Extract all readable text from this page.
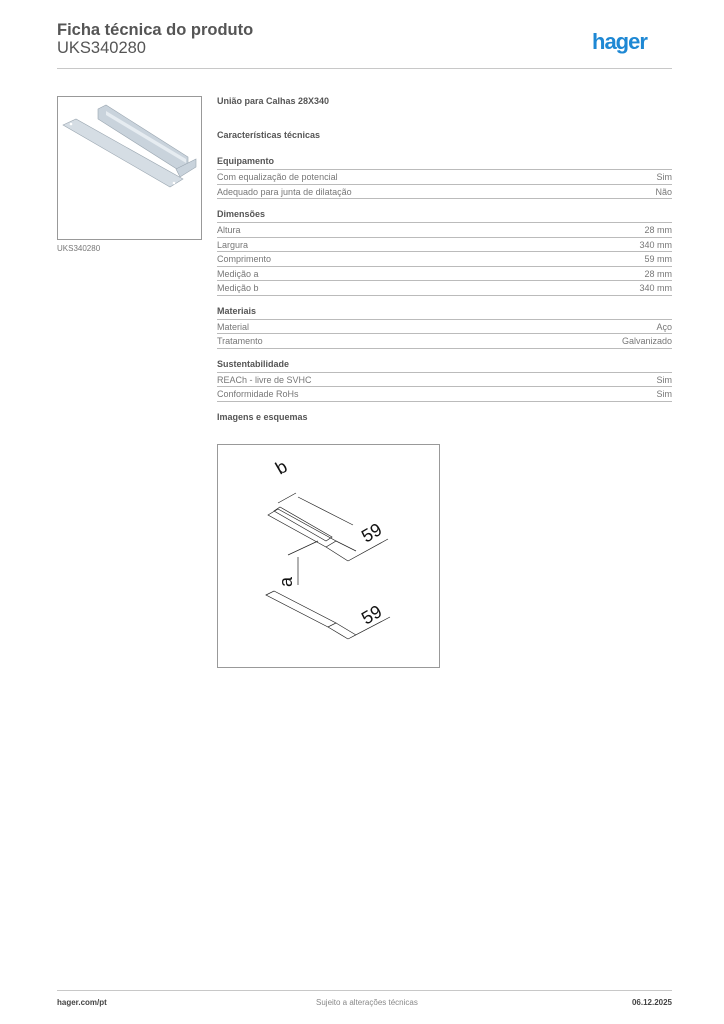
Ficha técnica do produto
UKS340280	hager
UKS340280
União para Calhas 28X340
Características técnicas
Equipamento
Com equalização de potencial	Sim
Adequado para junta de dilatação	Não
Dimensões
Altura	28 mm
Largura	340 mm
Comprimento	59 mm
Medição a	28 mm
Medição b	340 mm
Materiais
Material	Aço
Tratamento	Galvanizado
Sustentabilidade
REACh - livre de SVHC	Sim
Conformidade RoHs	Sim
Imagens e esquemas
b
59
a
59
hager.com/pt	Sujeito a alterações técnicas	06.12.2025
